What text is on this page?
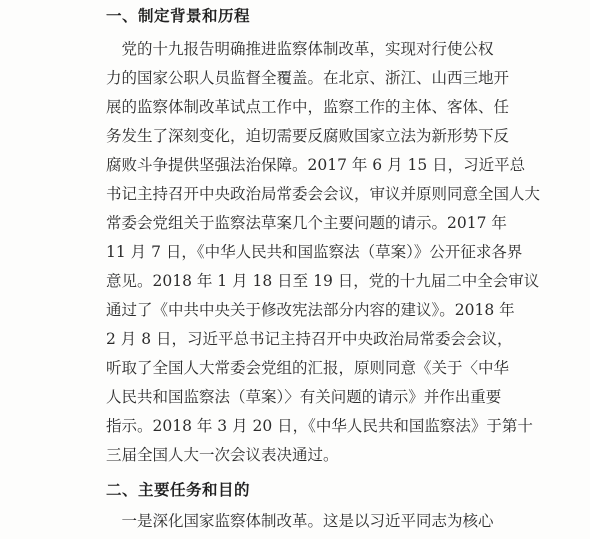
一、制定背景和历程
　党的十九报告明确推进监察体制改革，实现对行使公权
力的国家公职人员监督全覆盖。在北京、浙江、山西三地开
展的监察体制改革试点工作中，监察工作的主体、客体、任
务发生了深刻变化，迫切需要反腐败国家立法为新形势下反
腐败斗争提供坚强法治保障。2017 年 6 月 15 日，习近平总
书记主持召开中央政治局常委会会议，审议并原则同意全国人大
常委会党组关于监察法草案几个主要问题的请示。2017 年
11 月 7 日，《中华人民共和国监察法（草案）》公开征求各界
意见。2018 年 1 月 18 日至 19 日，党的十九届二中全会审议
通过了《中共中央关于修改宪法部分内容的建议》。2018 年
2 月 8 日，习近平总书记主持召开中央政治局常委会会议，
听取了全国人大常委会党组的汇报，原则同意《关于〈中华
人民共和国监察法（草案）〉有关问题的请示》并作出重要
指示。2018 年 3 月 20 日，《中华人民共和国监察法》于第十
三届全国人大一次会议表决通过。
二、主要任务和目的
　一是深化国家监察体制改革。这是以习近平同志为核心
